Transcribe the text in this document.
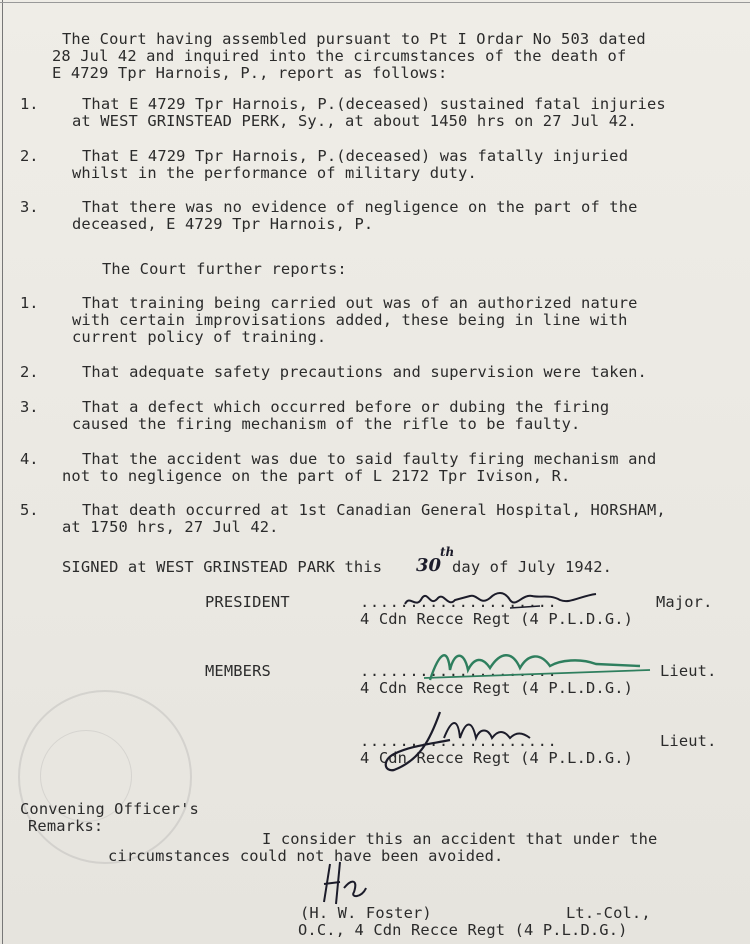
The Court having assembled pursuant to Pt I Ordar No 503 dated
28 Jul 42 and inquired into the circumstances of the death of
E 4729 Tpr Harnois, P., report as follows:
1.	That E 4729 Tpr Harnois, P.(deceased) sustained fatal injuries
at WEST GRINSTEAD PERK, Sy., at about 1450 hrs on 27 Jul 42.
2.	That E 4729 Tpr Harnois, P.(deceased) was fatally injuried
whilst in the performance of military duty.
3.	That there was no evidence of negligence on the part of the
deceased, E 4729 Tpr Harnois, P.
The Court further reports:
1.	That training being carried out was of an authorized nature
with certain improvisations added, these being in line with
current policy of training.
2.	That adequate safety precautions and supervision were taken.
3.	That a defect which occurred before or dubing the firing
caused the firing mechanism of the rifle to be faulty.
4.	That the accident was due to said faulty firing mechanism and
not to negligence on the part of L 2172 Tpr Ivison, R.
5.	That death occurred at 1st Canadian General Hospital, HORSHAM,
at 1750 hrs, 27 Jul 42.
SIGNED at WEST GRINSTEAD PARK this 30
th
day of July 1942.
PRESIDENT	....................	Major.
4 Cdn Recce Regt (4 P.L.D.G.)
MEMBERS	....................	Lieut.
4 Cdn Recce Regt (4 P.L.D.G.)
....................	Lieut.
4 Cdn Recce Regt (4 P.L.D.G.)
Convening Officer's
Remarks:
I consider this an accident that under the
circumstances could not have been avoided.
(H. W. Foster)	Lt.-Col.,
O.C., 4 Cdn Recce Regt (4 P.L.D.G.)
